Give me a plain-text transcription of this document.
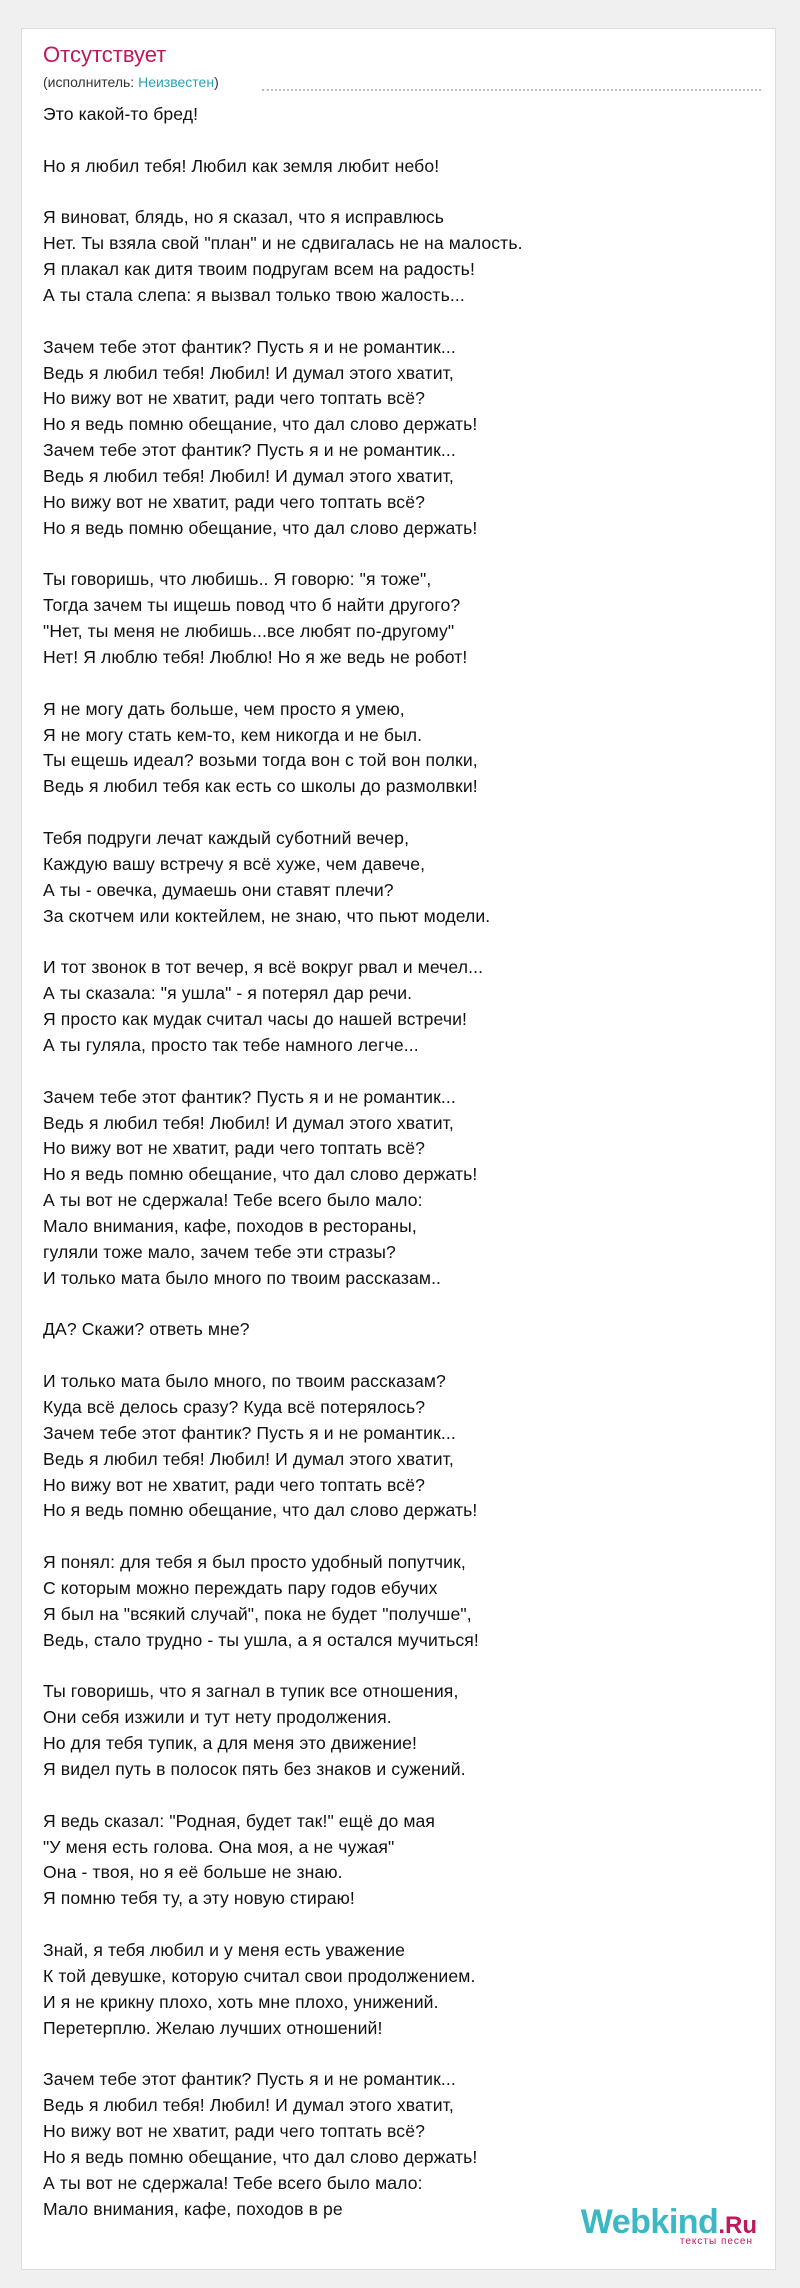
Отсутствует
(исполнитель: Неизвестен)
Это какой-то бред!
Но я любил тебя! Любил как земля любит небо!
Я виноват, блядь, но я сказал, что я исправлюсь
Нет. Ты взяла свой "план" и не сдвигалась не на малость.
Я плакал как дитя твоим подругам всем на радость!
А ты стала слепа: я вызвал только твою жалость...
Зачем тебе этот фантик? Пусть я и не романтик...
Ведь я любил тебя! Любил! И думал этого хватит,
Но вижу вот не хватит, ради чего топтать всё?
Но я ведь помню обещание, что дал слово держать!
Зачем тебе этот фантик? Пусть я и не романтик...
Ведь я любил тебя! Любил! И думал этого хватит,
Но вижу вот не хватит, ради чего топтать всё?
Но я ведь помню обещание, что дал слово держать!
Ты говоришь, что любишь.. Я говорю: "я тоже",
Тогда зачем ты ищешь повод что б найти другого?
"Нет, ты меня не любишь...все любят по-другому"
Нет! Я люблю тебя! Люблю! Но я же ведь не робот!
Я не могу дать больше, чем просто я умею,
Я не могу стать кем-то, кем никогда и не был.
Ты ещешь идеал? возьми тогда вон с той вон полки,
Ведь я любил тебя как есть со школы до размолвки!
Тебя подруги лечат каждый суботний вечер,
Каждую вашу встречу я всё хуже, чем давече,
А ты - овечка, думаешь они ставят плечи?
За скотчем или коктейлем, не знаю, что пьют модели.
И тот звонок в тот вечер, я всё вокруг рвал и мечел...
А ты сказала: "я ушла" - я потерял дар речи.
Я просто как мудак считал часы до нашей встречи!
А ты гуляла, просто так тебе намного легче...
Зачем тебе этот фантик? Пусть я и не романтик...
Ведь я любил тебя! Любил! И думал этого хватит,
Но вижу вот не хватит, ради чего топтать всё?
Но я ведь помню обещание, что дал слово держать!
А ты вот не сдержала! Тебе всего было мало:
Мало внимания, кафе, походов в рестораны,
гуляли тоже мало, зачем тебе эти стразы?
И только мата было много по твоим рассказам..
ДА? Скажи? ответь мне?
И только мата было много, по твоим рассказам?
Куда всё делось сразу? Куда всё потерялось?
Зачем тебе этот фантик? Пусть я и не романтик...
Ведь я любил тебя! Любил! И думал этого хватит,
Но вижу вот не хватит, ради чего топтать всё?
Но я ведь помню обещание, что дал слово держать!
Я понял: для тебя я был просто удобный попутчик,
С которым можно переждать пару годов ебучих
Я был на "всякий случай", пока не будет "получше",
Ведь, стало трудно - ты ушла, а я остался мучиться!
Ты говоришь, что я загнал в тупик все отношения,
Они себя изжили и тут нету продолжения.
Но для тебя тупик, а для меня это движение!
Я видел путь в полосок пять без знаков и сужений.
Я ведь сказал: "Родная, будет так!" ещё до мая
"У меня есть голова. Она моя, а не чужая"
Она - твоя, но я её больше не знаю.
Я помню тебя ту, а эту новую стираю!
Знай, я тебя любил и у меня есть уважение
К той девушке, которую считал свои продолжением.
И я не крикну плохо, хоть мне плохо, унижений.
Перетерплю. Желаю лучших отношений!
Зачем тебе этот фантик? Пусть я и не романтик...
Ведь я любил тебя! Любил! И думал этого хватит,
Но вижу вот не хватит, ради чего топтать всё?
Но я ведь помню обещание, что дал слово держать!
А ты вот не сдержала! Тебе всего было мало:
Мало внимания, кафе, походов в ре	Webkind.Ru
тексты песен
